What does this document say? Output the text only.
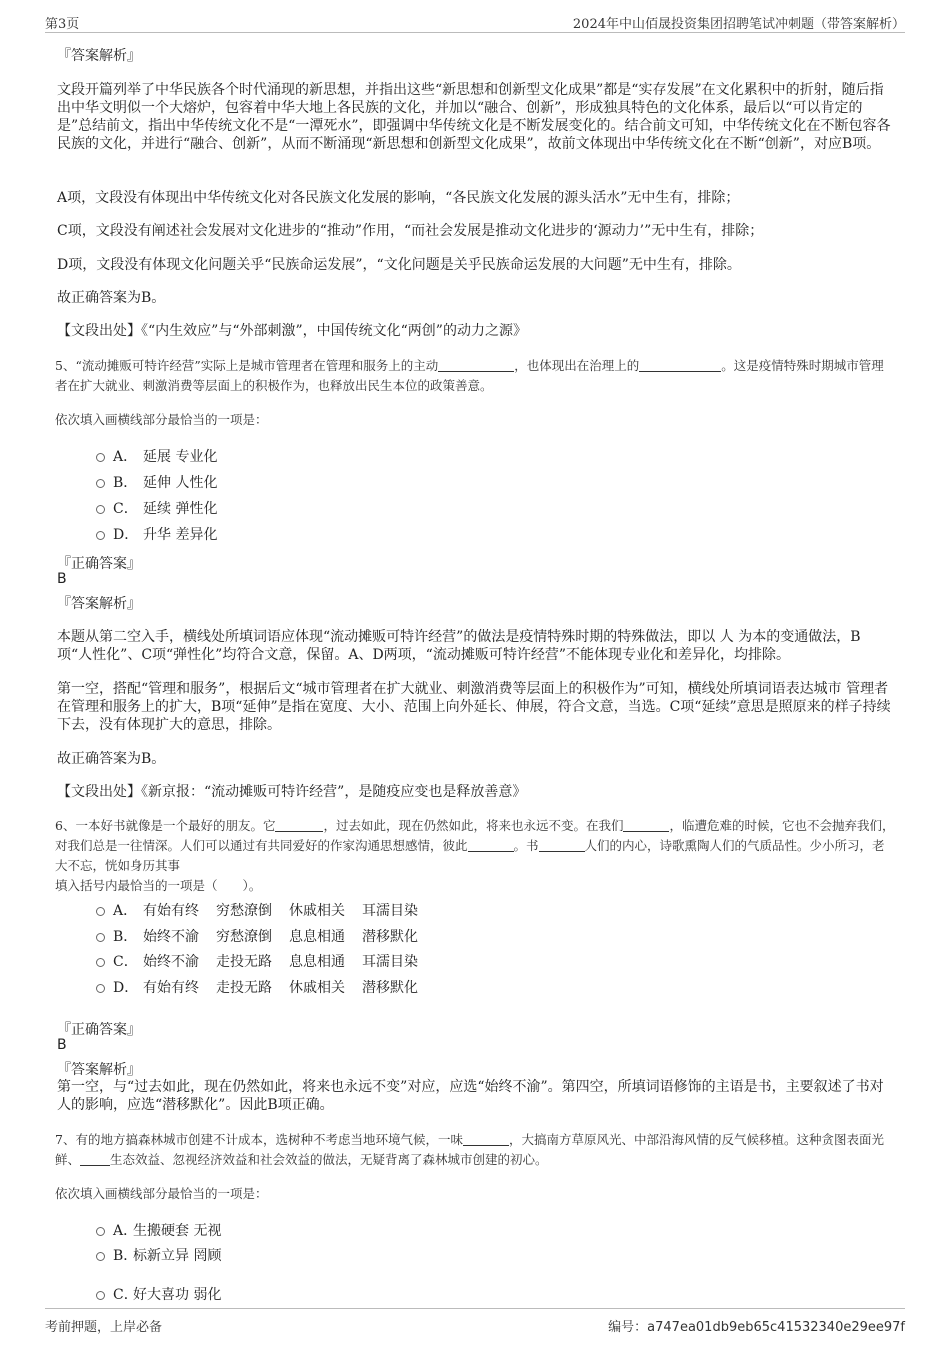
第3页	2024年中山佰晟投资集团招聘笔试冲刺题（带答案解析）
『答案解析』
文段开篇列举了中华民族各个时代涌现的新思想，并指出这些“新思想和创新型文化成果”都是“实存发展”在文化累积中的折射，随后指出中华文明似一个大熔炉，包容着中华大地上各民族的文化，并加以“融合、创新”，形成独具特色的文化体系，最后以“可以肯定的是”总结前文，指出中华传统文化不是“一潭死水”，即强调中华传统文化是不断发展变化的。结合前文可知，中华传统文化在不断包容各民族的文化，并进行“融合、创新”，从而不断涌现“新思想和创新型文化成果”，故前文体现出中华传统文化在不断“创新”，对应B项。
A项，文段没有体现出中华传统文化对各民族文化发展的影响，“各民族文化发展的源头活水”无中生有，排除；
C项，文段没有阐述社会发展对文化进步的“推动”作用，“而社会发展是推动文化进步的‘源动力’”无中生有，排除；
D项，文段没有体现文化问题关乎“民族命运发展”，“文化问题是关乎民族命运发展的大问题”无中生有，排除。
故正确答案为B。
【文段出处】《“内生效应”与“外部刺激”，中国传统文化“两创”的动力之源》
5、“流动摊贩可特许经营”实际上是城市管理者在管理和服务上的主动	，也体现出在治理上的	。这是疫情特殊时期城市管理者在扩大就业、刺激消费等层面上的积极作为，也释放出民生本位的政策善意。
依次填入画横线部分最恰当的一项是：
A． 延展 专业化
B． 延伸 人性化
C． 延续 弹性化
D． 升华 差异化
『正确答案』
B
『答案解析』
本题从第二空入手，横线处所填词语应体现“流动摊贩可特许经营”的做法是疫情特殊时期的特殊做法，即以 人 为本的变通做法，B项“人性化”、C项“弹性化”均符合文意，保留。A、D两项，“流动摊贩可特许经营”不能体现专业化和差异化，均排除。
第一空，搭配“管理和服务”，根据后文“城市管理者在扩大就业、刺激消费等层面上的积极作为”可知，横线处所填词语表达城市 管理者在管理和服务上的扩大，B项“延伸”是指在宽度、大小、范围上向外延长、伸展，符合文意，当选。C项“延续”意思是照原来的样子持续下去，没有体现扩大的意思，排除。
故正确答案为B。
【文段出处】《新京报：“流动摊贩可特许经营”，是随疫应变也是释放善意》
6、一本好书就像是一个最好的朋友。它	，过去如此，现在仍然如此，将来也永远不变。在我们	，临遭危难的时候，它也不会抛弃我们，对我们总是一往情深。人们可以通过有共同爱好的作家沟通思想感情，彼此	。书	人们的内心，诗歌熏陶人们的气质品性。少小所习，老大不忘，恍如身历其事
填入括号内最恰当的一项是（　　）。
A． 有始有终 穷愁潦倒 休戚相关 耳濡目染
B． 始终不渝 穷愁潦倒 息息相通 潜移默化
C． 始终不渝 走投无路 息息相通 耳濡目染
D． 有始有终 走投无路 休戚相关 潜移默化
『正确答案』
B
『答案解析』
第一空，与“过去如此，现在仍然如此，将来也永远不变”对应，应选“始终不渝”。第四空，所填词语修饰的主语是书，主要叙述了书对人的影响，应选“潜移默化”。因此B项正确。
7、有的地方搞森林城市创建不计成本，选树种不考虑当地环境气候，一味	，大搞南方草原风光、中部沿海风情的反气候移植。这种贪图表面光鲜、 生态效益、忽视经济效益和社会效益的做法，无疑背离了森林城市创建的初心。
依次填入画横线部分最恰当的一项是：
A．生搬硬套 无视
B．标新立异 罔顾
C．好大喜功 弱化
考前押题，上岸必备	编号：a747ea01db9eb65c41532340e29ee97f
